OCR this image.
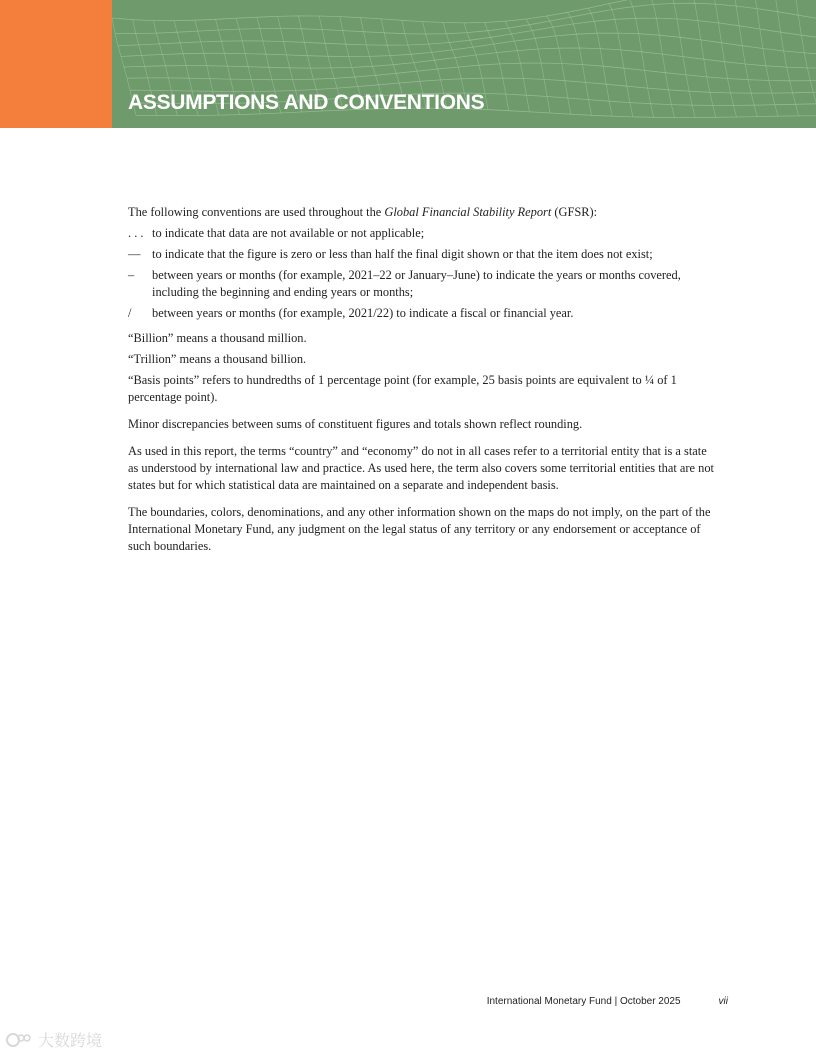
ASSUMPTIONS AND CONVENTIONS

The following conventions are used throughout the Global Financial Stability Report (GFSR):

. . . to indicate that data are not available or not applicable;
— to indicate that the figure is zero or less than half the final digit shown or that the item does not exist;
–	between years or months (for example, 2021–22 or January–June) to indicate the years or months covered, including the beginning and ending years or months;
/	between years or months (for example, 2021/22) to indicate a fiscal or financial year.

“Billion” means a thousand million.

“Trillion” means a thousand billion.

“Basis points” refers to hundredths of 1 percentage point (for example, 25 basis points are equivalent to ¼ of 1 percentage point).

Minor discrepancies between sums of constituent figures and totals shown reflect rounding.

As used in this report, the terms “country” and “economy” do not in all cases refer to a territorial entity that is a state as understood by international law and practice. As used here, the term also covers some territorial entities that are not states but for which statistical data are maintained on a separate and independent basis.

The boundaries, colors, denominations, and any other information shown on the maps do not imply, on the part of the International Monetary Fund, any judgment on the legal status of any territory or any endorsement or acceptance of such boundaries.

International Monetary Fund | October 2025	vii
大数跨境
